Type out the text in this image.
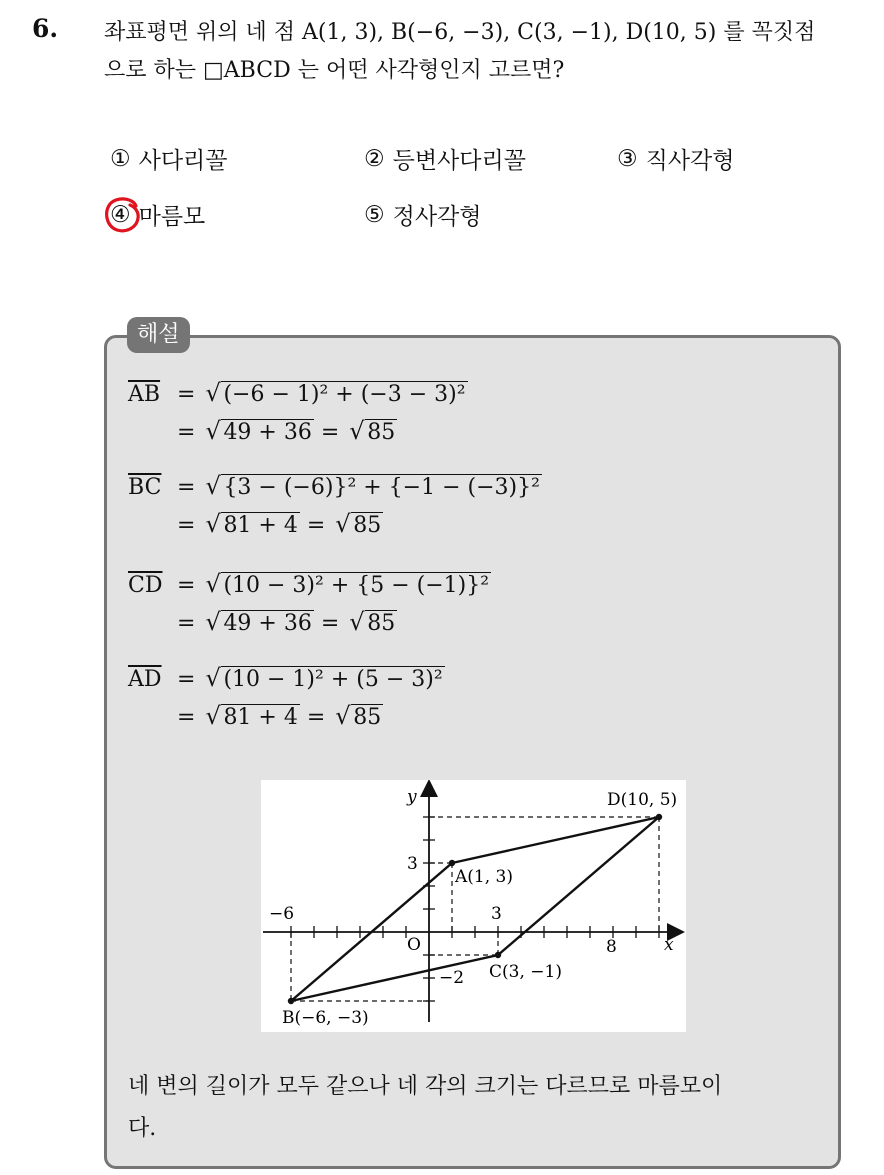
6. 좌표평면 위의 네 점 A(1, 3), B(−6, −3), C(3, −1), D(10, 5) 를 꼭짓점
으로 하는 □ABCD 는 어떤 사각형인지 고르면?
① 사다리꼴	② 등변사다리꼴	③ 직사각형
④ 마름모	⑤ 정사각형
해설
$\overline{AB}$ = √ (−6 − 1)² + (−3 − 3)²
= √ 49 + 36 = √ 85
$\overline{BC}$ = √ {3 − (−6)}² + {−1 − (−3)}²
= √ 81 + 4 = √ 85
$\overline{CD}$ = √ (10 − 3)² + {5 − (−1)}²
= √ 49 + 36 = √ 85
$\overline{AD}$ = √ (10 − 1)² + (5 − 3)²
= √ 81 + 4 = √ 85
y
x
O
3
−2
−6	3
8
A(1, 3)
B(−6, −3)
C(3, −1)
D(10, 5)
네 변의 길이가 모두 같으나 네 각의 크기는 다르므로 마름모이
다.
